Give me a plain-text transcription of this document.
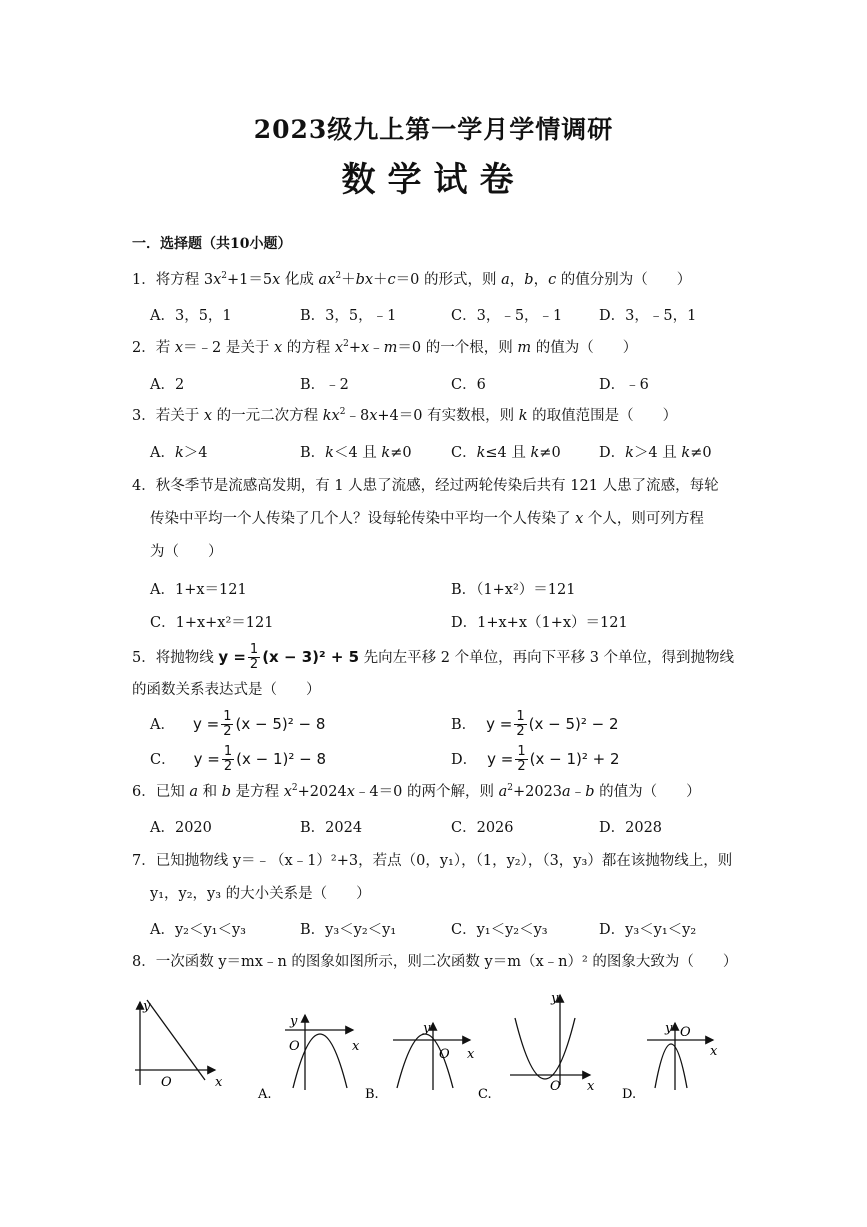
2023级九上第一学月学情调研
数学试卷
一．选择题（共10小题）
1．将方程 $3x^2+1=5x$ 化成 $ax^2+bx+c=0$ 的形式，则 a，b，c 的值分别为（　　）
A．3，5，1	B．3，5，﹣1	C．3，﹣5，﹣1	D．3，﹣5，1
2．若 x＝﹣2 是关于 x 的方程 $x^2+x﹣m=0$ 的一个根，则 m 的值为（　　）
A．2	B．﹣2	C．6	D．﹣6
3．若关于 x 的一元二次方程 $kx^2﹣8x+4=0$ 有实数根，则 k 的取值范围是（　　）
A．k＞4	B．k＜4 且 k≠0	C．k≤4 且 k≠0	D．k＞4 且 k≠0
4．秋冬季节是流感高发期，有 1 人患了流感，经过两轮传染后共有 121 人患了流感，每轮
传染中平均一个人传染了几个人？设每轮传染中平均一个人传染了 x 个人，则可列方程
为（　　）
A．1+x＝121	B．（1+x²）＝121
C．1+x+x²＝121	D．1+x+x（1+x）＝121
5．将抛物线 $y = \frac{1}{2} (x - 3)^2 + 5$ 先向左平移 2 个单位，再向下平移 3 个单位，得到抛物线
的函数关系表达式是（　　）
A． $y = \frac{1}{2} (x - 5)^2 - 8$	B． $y = \frac{1}{2} (x - 5)^2 - 2$
C． $y = \frac{1}{2} (x - 1)^2 - 8$	D． $y = \frac{1}{2} (x - 1)^2 + 2$
6．已知 a 和 b 是方程 $x^2+2024x﹣4=0$ 的两个解，则 $a^2+2023a﹣b$ 的值为（　　）
A．2020	B．2024	C．2026	D．2028
7．已知抛物线 y＝﹣（x﹣1）²+3，若点（0，y₁），（1，y₂），（3，y₃）都在该抛物线上，则
y₁，y₂，y₃ 的大小关系是（　　）
A．y₂＜y₁＜y₃	B．y₃＜y₂＜y₁	C．y₁＜y₂＜y₃	D．y₃＜y₁＜y₂
8．一次函数 y＝mx﹣n 的图象如图所示，则二次函数 y＝m（x﹣n）² 的图象大致为（　　）
y
x
O
y
x
O
A.
y
x
O
B.
y
x
O
C.
y
x
O
D.
